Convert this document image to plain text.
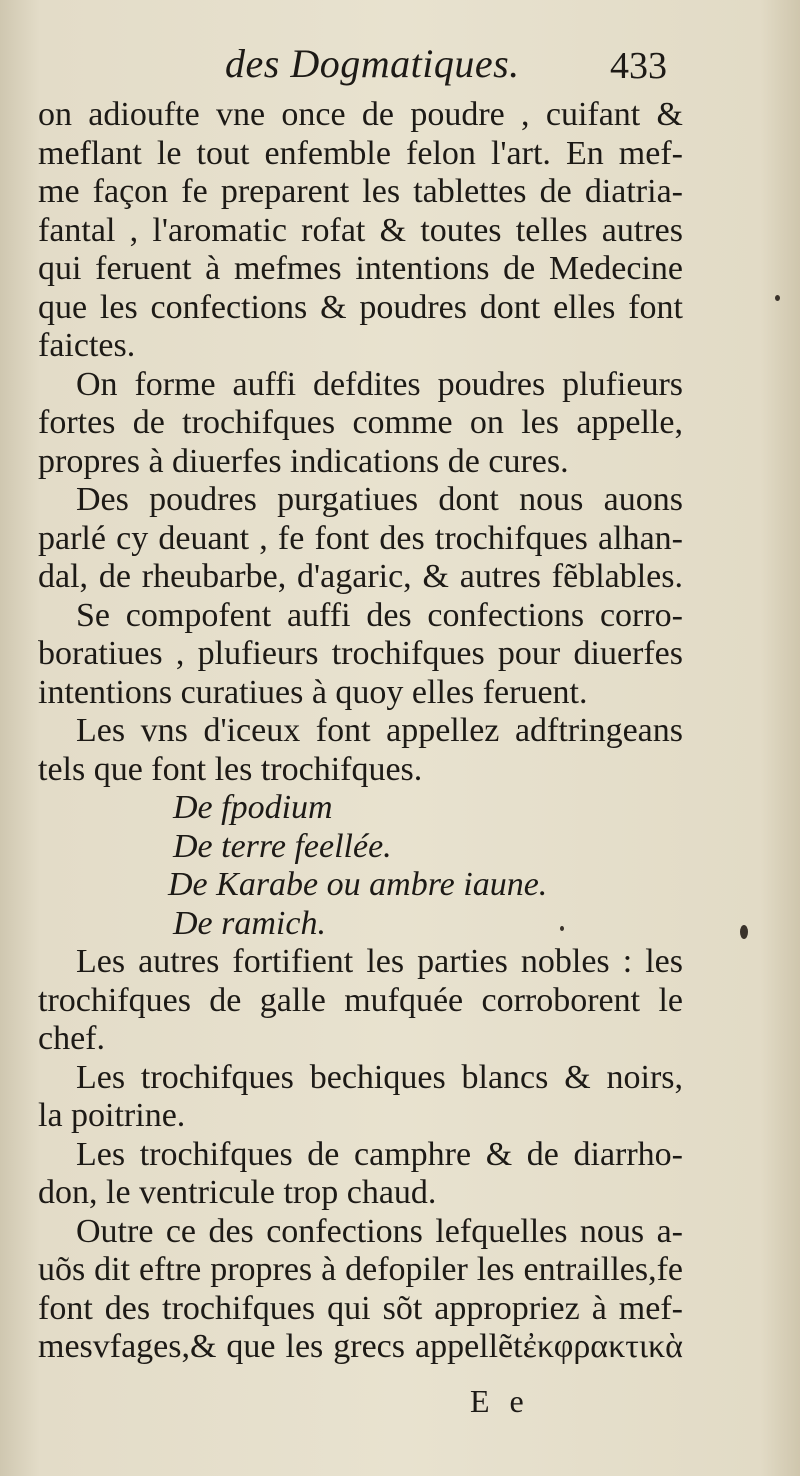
des Dogmatiques. 433
on adioufte vne once de poudre , cuifant &
meflant le tout enfemble felon l'art. En mef-
me façon fe preparent les tablettes de diatria-
fantal , l'aromatic rofat & toutes telles autres
qui feruent à mefmes intentions de Medecine
que les confections & poudres dont elles font
faictes.
On forme auffi defdites poudres plufieurs
fortes de trochifques comme on les appelle,
propres à diuerfes indications de cures.
Des poudres purgatiues dont nous auons
parlé cy deuant , fe font des trochifques alhan-
dal, de rheubarbe, d'agaric, & autres fẽblables.
Se compofent auffi des confections corro-
boratiues , plufieurs trochifques pour diuerfes
intentions curatiues à quoy elles feruent.
Les vns d'iceux font appellez adftringeans
tels que font les trochifques.
De fpodium
De terre feellée.
De Karabe ou ambre iaune.
De ramich.
Les autres fortifient les parties nobles : les
trochifques de galle mufquée corroborent le
chef.
Les trochifques bechiques blancs & noirs,
la poitrine.
Les trochifques de camphre & de diarrho-
don, le ventricule trop chaud.
Outre ce des confections lefquelles nous a-
uõs dit eftre propres à defopiler les entrailles,fe
font des trochifques qui sõt appropriez à mef-
mesvfages,& que les grecs appellẽtἐκφρακτικὰ
E e
